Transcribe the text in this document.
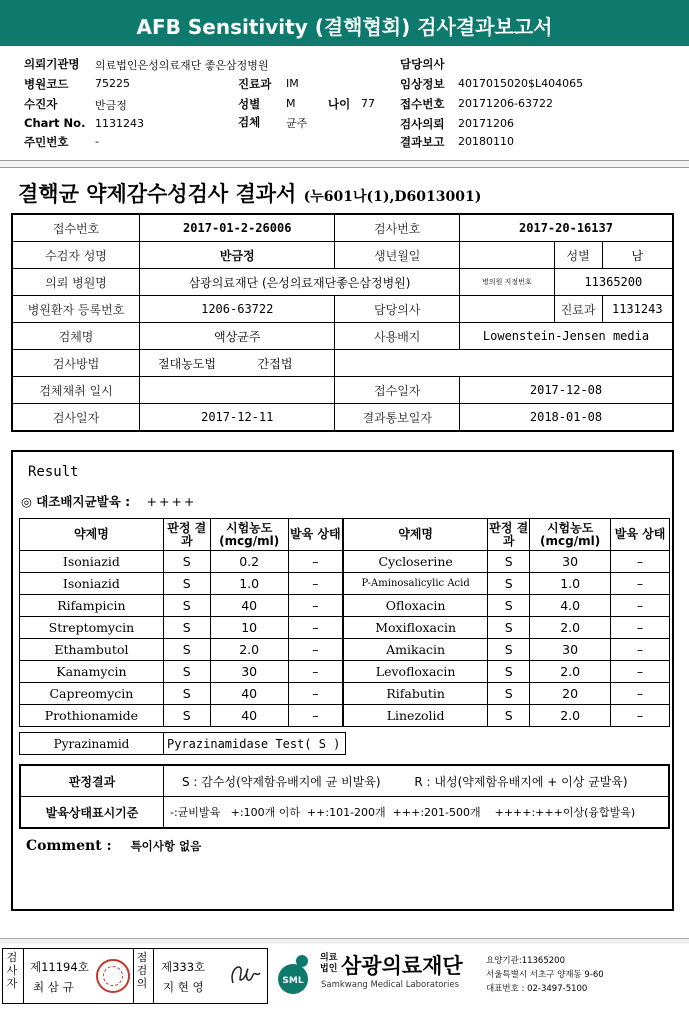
AFB Sensitivity (결핵협회) 검사결과보고서
의뢰기관명 의료법인은성의료재단 좋은삼정병원
병원코드 75225	진료과 IM
수진자	반금정	성별 M	나이 77
Chart No. 1131243	검체 균주
주민번호 -
담당의사
임상정보 4017015020$L404065
접수번호 20171206-63722
검사의뢰 20171206
결과보고 20180110
결핵균 약제감수성검사 결과서 (누601나(1),D6013001)
접수번호	2017-01-2-26006	검사번호	2017-20-16137		
수검자 성명	반금정	생년월일		성별	남
의뢰 병원명	삼광의료재단 (은성의료재단좋은삼정병원)		병의원 지정번호	11365200	
병원환자 등록번호	1206-63722	담당의사		진료과	1131243
검체명	액상균주	사용배지	Lowenstein-Jensen media		
검사방법	절대농도법 간접법				
검체채취 일시		접수일자	2017-12-08		
검사일자	2017-12-11	결과통보일자	2018-01-08		
Result
◎ 대조배지균발육 : ++++
약제명	판정 결과	시험농도 (mcg/ml)	발육 상태	약제명	판정 결과	시험농도 (mcg/ml)	발육 상태
Isoniazid	S	0.2	–	Cycloserine	S	30	–
Isoniazid	S	1.0	–	P-Aminosalicylic Acid	S	1.0	–
Rifampicin	S	40	–	Ofloxacin	S	4.0	–
Streptomycin	S	10	–	Moxifloxacin	S	2.0	–
Ethambutol	S	2.0	–	Amikacin	S	30	–
Kanamycin	S	30	–	Levofloxacin	S	2.0	–
Capreomycin	S	40	–	Rifabutin	S	20	–
Prothionamide	S	40	–	Linezolid	S	2.0	–
Pyrazinamid	Pyrazinamidase Test( S )
판정결과	S : 감수성(약제함유배지에 균 비발육) R : 내성(약제함유배지에 + 이상 균발육)
발육상태표시기준	-:균비발육   +:100개 이하  ++:101-200개  +++:201-500개    ++++:+++이상(융합발육)
Comment : 특이사항 없음
검사자
제11194호
최 삼 규
점검의
제333호
지 현 영	SML
의료 법인 삼광의료재단
Samkwang Medical Laboratories
요양기관:11365200
서울특별시 서초구 양재동 9-60
대표번호 : 02-3497-5100
